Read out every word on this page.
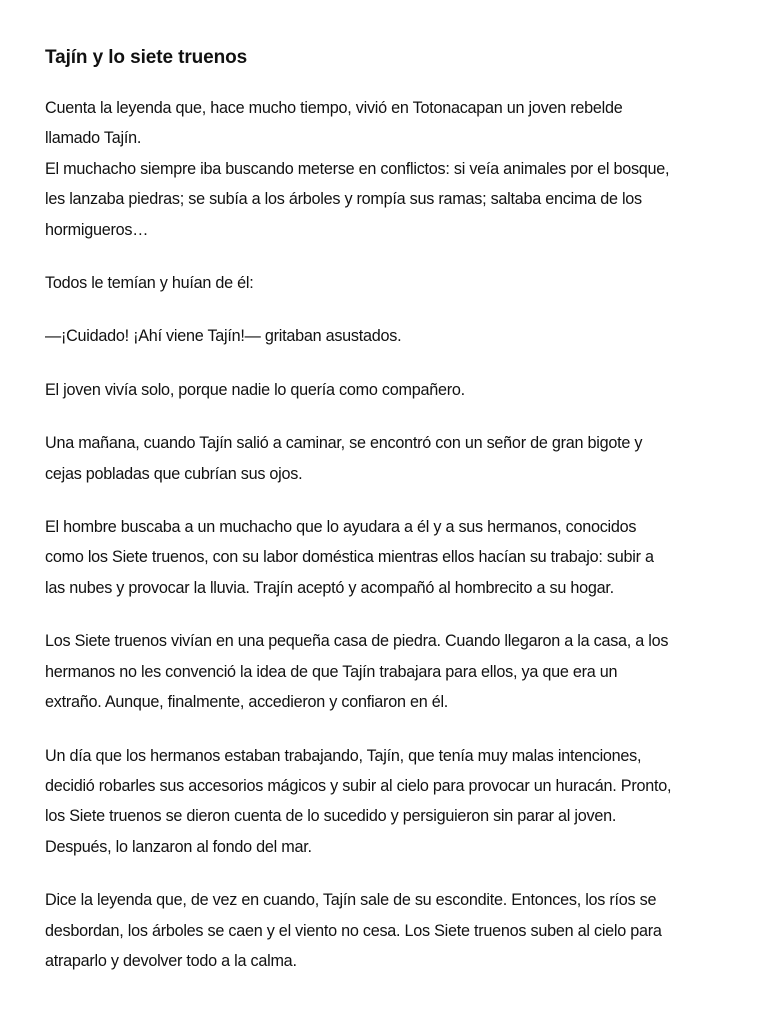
Tajín y lo siete truenos

Cuenta la leyenda que, hace mucho tiempo, vivió en Totonacapan un joven rebelde
llamado Tajín.
El muchacho siempre iba buscando meterse en conflictos: si veía animales por el bosque,
les lanzaba piedras; se subía a los árboles y rompía sus ramas; saltaba encima de los
hormigueros…

Todos le temían y huían de él:

—¡Cuidado! ¡Ahí viene Tajín!— gritaban asustados.

El joven vivía solo, porque nadie lo quería como compañero.

Una mañana, cuando Tajín salió a caminar, se encontró con un señor de gran bigote y
cejas pobladas que cubrían sus ojos.

El hombre buscaba a un muchacho que lo ayudara a él y a sus hermanos, conocidos
como los Siete truenos, con su labor doméstica mientras ellos hacían su trabajo: subir a
las nubes y provocar la lluvia. Trajín aceptó y acompañó al hombrecito a su hogar.

Los Siete truenos vivían en una pequeña casa de piedra. Cuando llegaron a la casa, a los
hermanos no les convenció la idea de que Tajín trabajara para ellos, ya que era un
extraño. Aunque, finalmente, accedieron y confiaron en él.

Un día que los hermanos estaban trabajando, Tajín, que tenía muy malas intenciones,
decidió robarles sus accesorios mágicos y subir al cielo para provocar un huracán. Pronto,
los Siete truenos se dieron cuenta de lo sucedido y persiguieron sin parar al joven.
Después, lo lanzaron al fondo del mar.

Dice la leyenda que, de vez en cuando, Tajín sale de su escondite. Entonces, los ríos se
desbordan, los árboles se caen y el viento no cesa. Los Siete truenos suben al cielo para
atraparlo y devolver todo a la calma.
